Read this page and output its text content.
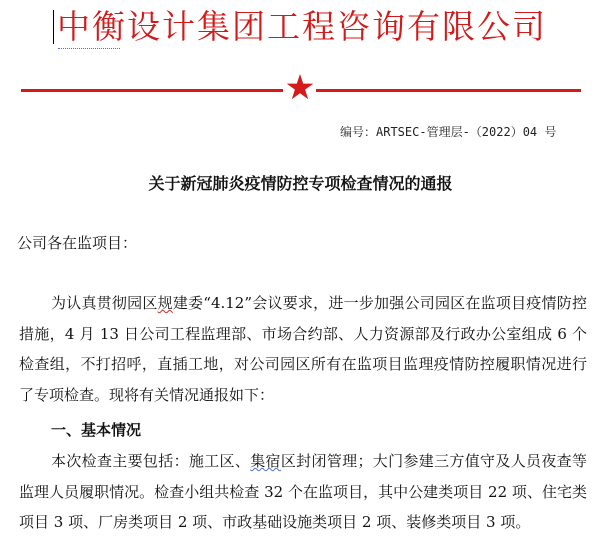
中衡设计集团工程咨询有限公司
编号：ARTSEC-管理层-（2022）04 号
关于新冠肺炎疫情防控专项检查情况的通报
公司各在监项目：
为认真贯彻园区规建委“4.12”会议要求，进一步加强公司园区在监项目疫情防控措施，4 月 13 日公司工程监理部、市场合约部、人力资源部及行政办公室组成 6 个检查组，不打招呼，直插工地，对公司园区所有在监项目监理疫情防控履职情况进行了专项检查。现将有关情况通报如下：
一、基本情况
本次检查主要包括：施工区、集宿区封闭管理；大门参建三方值守及人员夜查等监理人员履职情况。检查小组共检查 32 个在监项目，其中公建类项目 22 项、住宅类项目 3 项、厂房类项目 2 项、市政基础设施类项目 2 项、装修类项目 3 项。
